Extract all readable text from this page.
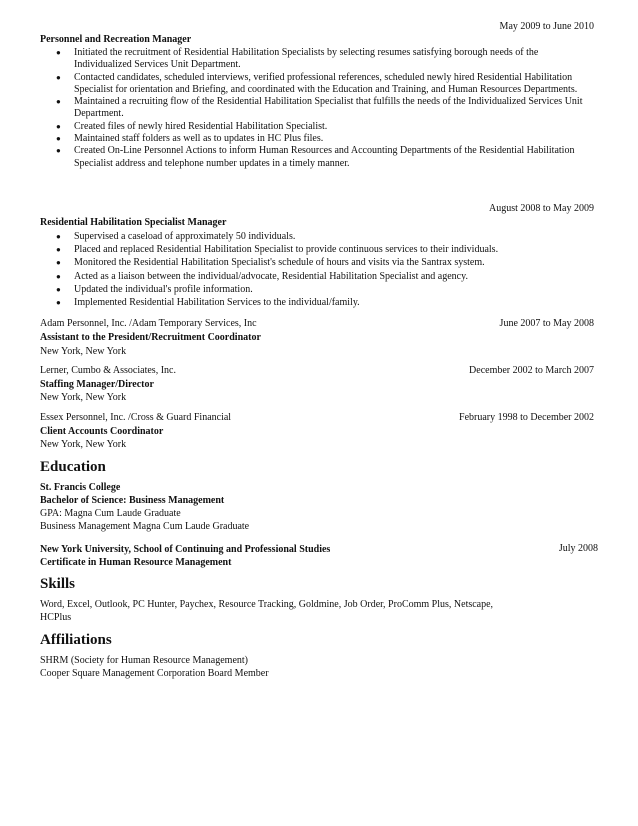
May 2009 to June 2010
Personnel and Recreation Manager
● Initiated the recruitment of Residential Habilitation Specialists by selecting resumes satisfying borough needs of the Individualized Services Unit Department.
● Contacted candidates, scheduled interviews, verified professional references, scheduled newly hired Residential Habilitation Specialist for orientation and Briefing, and coordinated with the Education and Training, and Human Resources Departments.
● Maintained a recruiting flow of the Residential Habilitation Specialist that fulfills the needs of the Individualized Services Unit Department.
● Created files of newly hired Residential Habilitation Specialist.
● Maintained staff folders as well as to updates in HC Plus files.
● Created On-Line Personnel Actions to inform Human Resources and Accounting Departments of the Residential Habilitation Specialist address and telephone number updates in a timely manner.
August 2008 to May 2009
Residential Habilitation Specialist Manager
● Supervised a caseload of approximately 50 individuals.
● Placed and replaced Residential Habilitation Specialist to provide continuous services to their individuals.
● Monitored the Residential Habilitation Specialist's schedule of hours and visits via the Santrax system.
● Acted as a liaison between the individual/advocate, Residential Habilitation Specialist and agency.
● Updated the individual's profile information.
● Implemented Residential Habilitation Services to the individual/family.
Adam Personnel, Inc. /Adam Temporary Services, Inc	June 2007 to May 2008
Assistant to the President/Recruitment Coordinator
New York, New York
Lerner, Cumbo & Associates, Inc.	December 2002 to March 2007
Staffing Manager/Director
New York, New York
Essex Personnel, Inc. /Cross & Guard Financial	February 1998 to December 2002
Client Accounts Coordinator
New York, New York
Education
St. Francis College
Bachelor of Science: Business Management
GPA: Magna Cum Laude Graduate
Business Management Magna Cum Laude Graduate
New York University, School of Continuing and Professional Studies	July 2008
Certificate in Human Resource Management
Skills
Word, Excel, Outlook, PC Hunter, Paychex, Resource Tracking, Goldmine, Job Order, ProComm Plus, Netscape,
HCPlus
Affiliations
SHRM (Society for Human Resource Management)
Cooper Square Management Corporation Board Member
